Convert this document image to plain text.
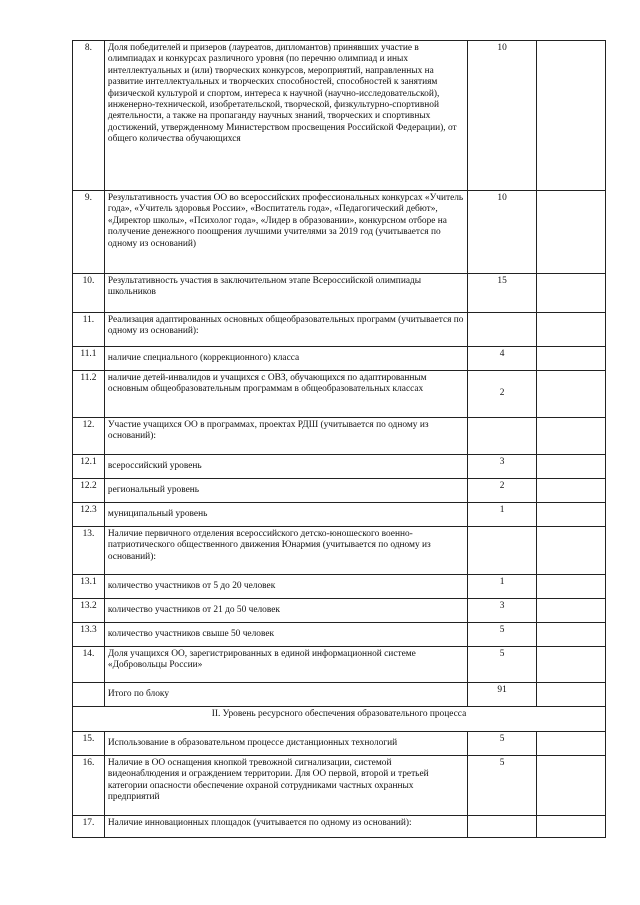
8.	Доля победителей и призеров (лауреатов, дипломантов) принявших участие в олимпиадах и конкурсах различного уровня (по перечню олимпиад и иных интеллектуальных и (или) творческих конкурсов, мероприятий, направленных на развитие интеллектуальных и творческих способностей, способностей к занятиям физической культурой и спортом, интереса к научной (научно-исследовательской), инженерно-технической, изобретательской, творческой, физкультурно-спортивной деятельности, а также на пропаганду научных знаний, творческих и спортивных достижений, утвержденному Министерством просвещения Российской Федерации), от общего количества обучающихся	10	
9.	Результативность участия ОО во всероссийских профессиональных конкурсах «Учитель года», «Учитель здоровья России», «Воспитатель года», «Педагогический дебют», «Директор школы», «Психолог года», «Лидер в образовании», конкурсном отборе на получение денежного поощрения лучшими учителями за 2019 год (учитывается по одному из оснований)	10	
10.	Результативность участия в заключительном этапе Всероссийской олимпиады школьников	15	
11.	Реализация адаптированных основных общеобразовательных программ (учитывается по одному из оснований):		
11.1	наличие специального (коррекционного) класса	4	
11.2	наличие детей-инвалидов и учащихся с ОВЗ, обучающихся по адаптированным основным общеобразовательным программам в общеобразовательных классах	2	
12.	Участие учащихся ОО в программах, проектах РДШ (учитывается по одному из оснований):		
12.1	всероссийский уровень	3	
12.2	региональный уровень	2	
12.3	муниципальный уровень	1	
13.	Наличие первичного отделения всероссийского детско-юношеского военно-патриотического общественного движения Юнармия (учитывается по одному из оснований):		
13.1	количество участников от 5 до 20 человек	1	
13.2	количество участников от 21 до 50 человек	3	
13.3	количество участников свыше 50 человек	5	
14.	Доля учащихся ОО, зарегистрированных в единой информационной системе «Добровольцы России»	5	
	Итого по блоку	91	
II. Уровень ресурсного обеспечения образовательного процесса			
15.	Использование в образовательном процессе дистанционных технологий	5	
16.	Наличие в ОО оснащения кнопкой тревожной сигнализации, системой видеонаблюдения и ограждением территории. Для ОО первой, второй и третьей категории опасности обеспечение охраной сотрудниками частных охранных предприятий	5	
17.	Наличие инновационных площадок (учитывается по одному из оснований):		
